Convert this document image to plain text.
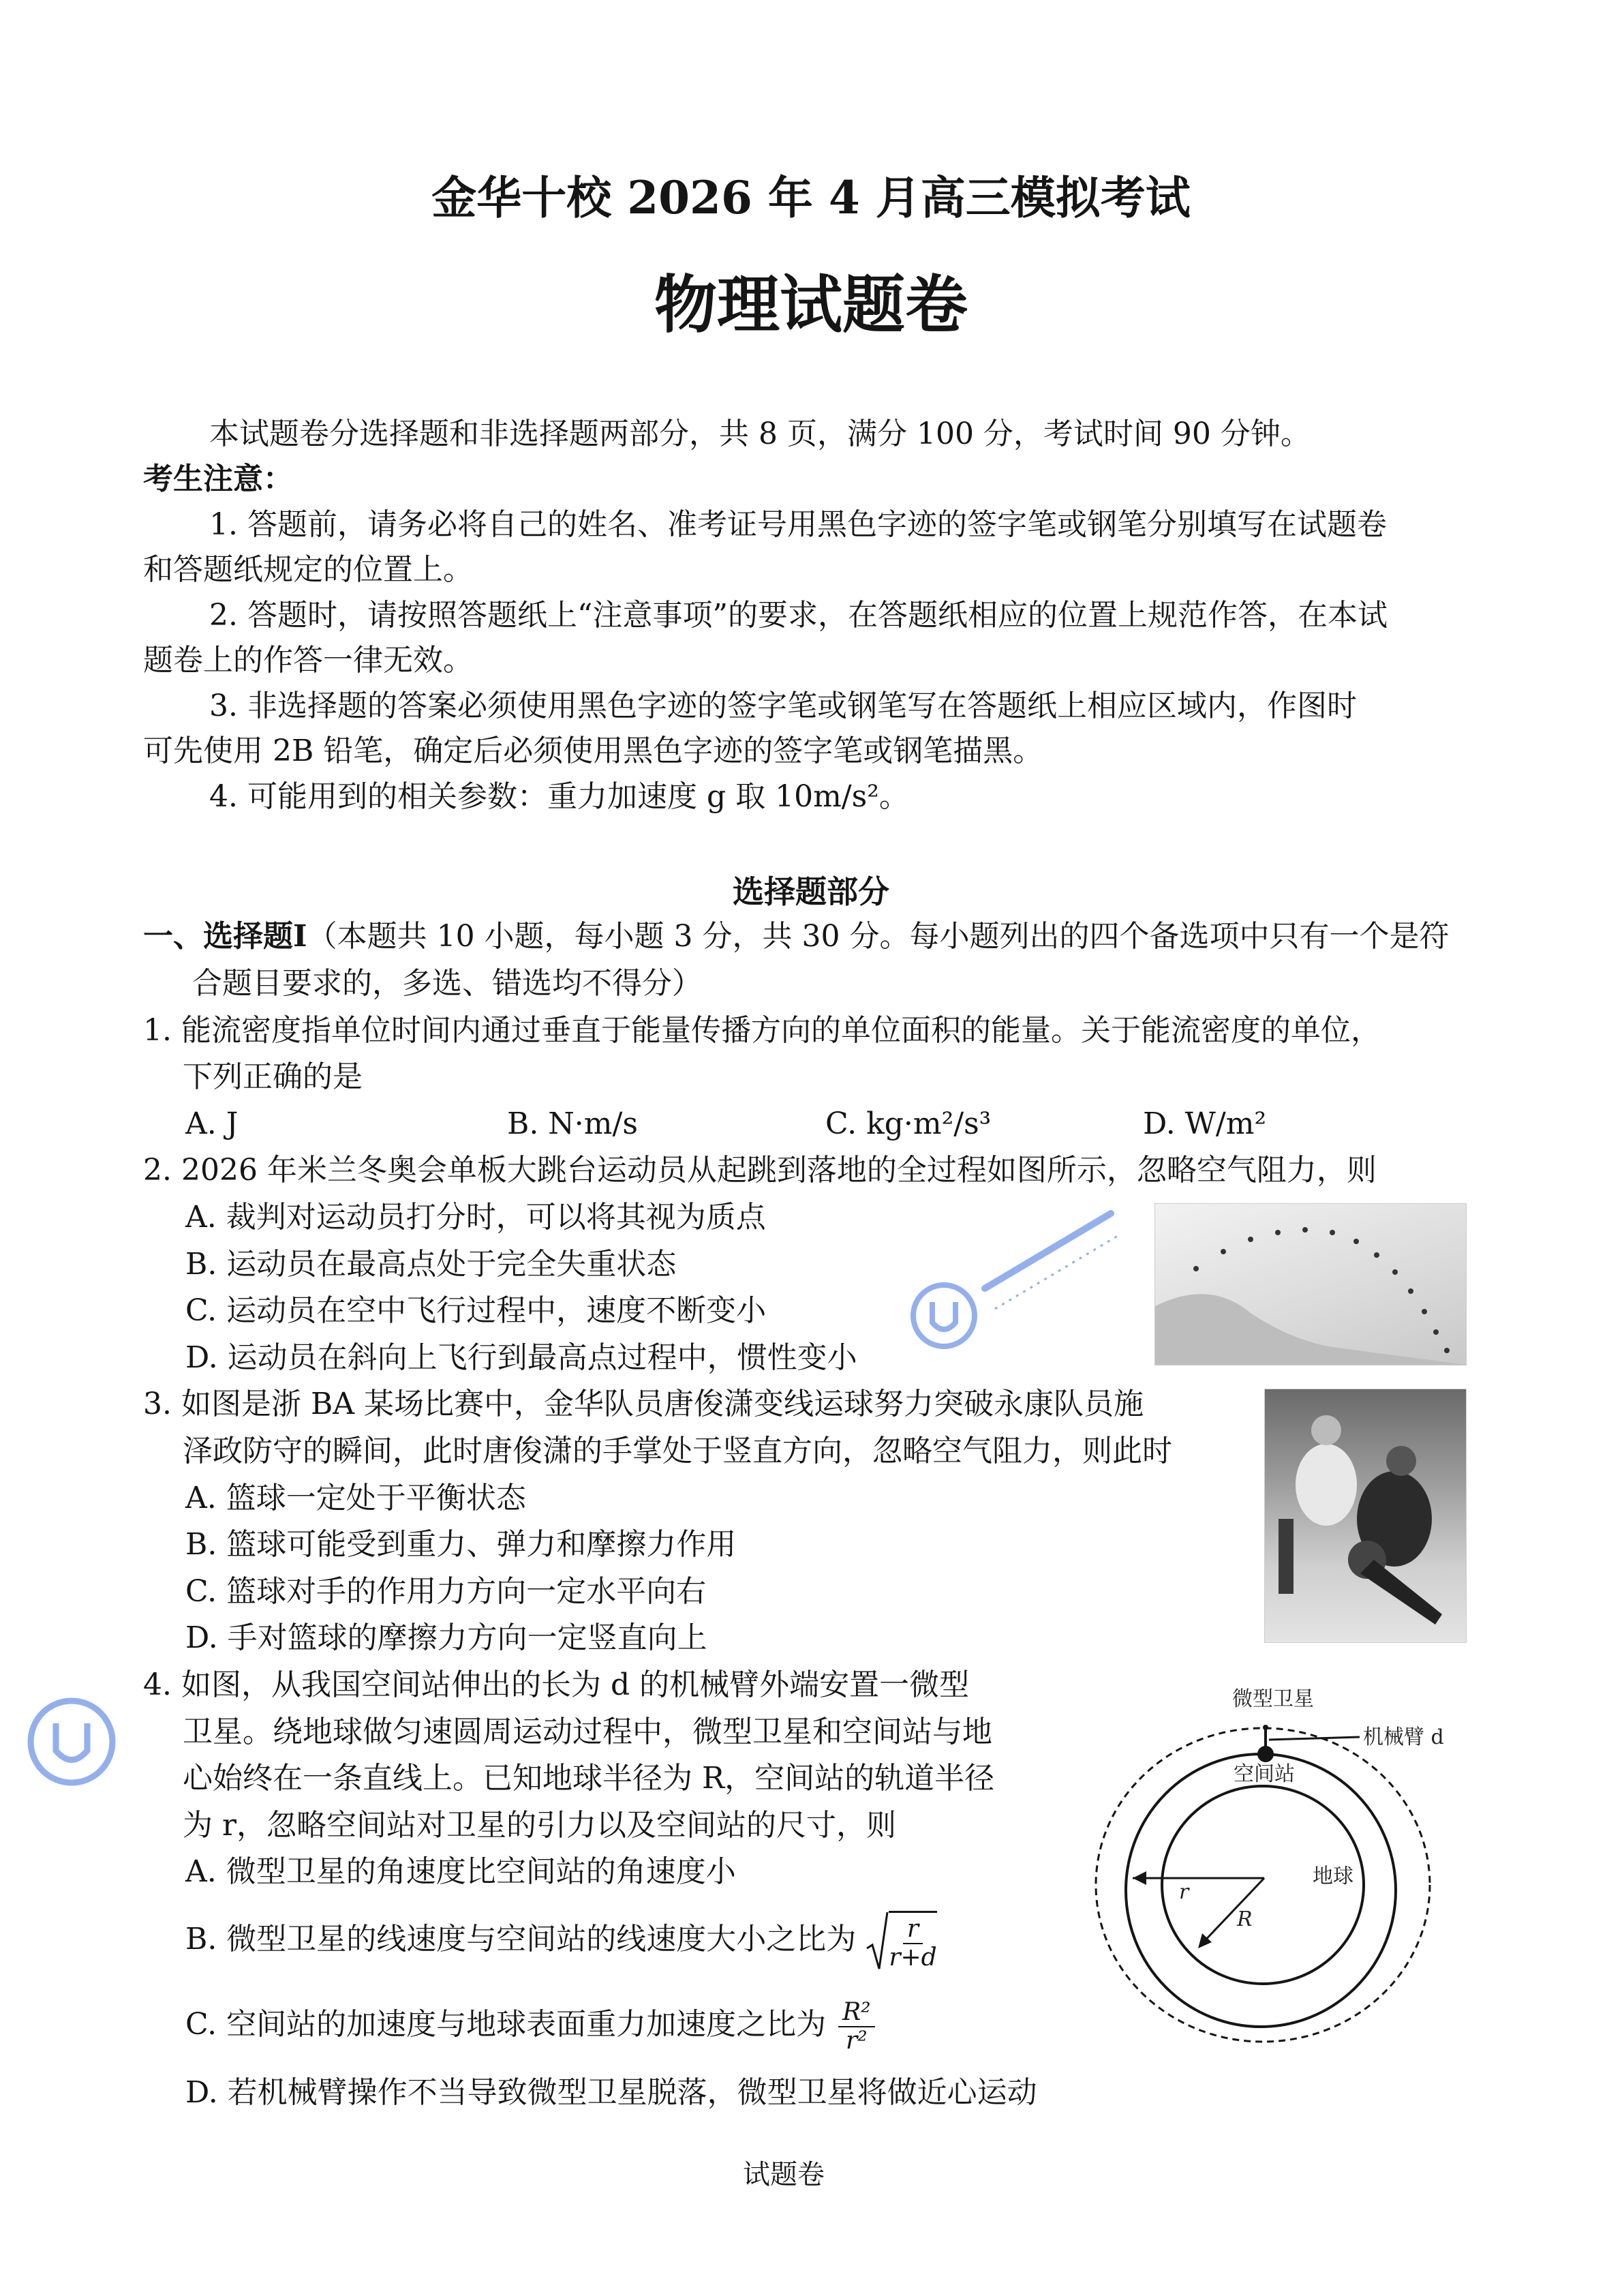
金华十校 2026 年 4 月高三模拟考试
物理试题卷
本试题卷分选择题和非选择题两部分，共 8 页，满分 100 分，考试时间 90 分钟。
考生注意：
1. 答题前，请务必将自己的姓名、准考证号用黑色字迹的签字笔或钢笔分别填写在试题卷
和答题纸规定的位置上。
2. 答题时，请按照答题纸上“注意事项”的要求，在答题纸相应的位置上规范作答，在本试
题卷上的作答一律无效。
3. 非选择题的答案必须使用黑色字迹的签字笔或钢笔写在答题纸上相应区域内，作图时
可先使用 2B 铅笔，确定后必须使用黑色字迹的签字笔或钢笔描黑。
4. 可能用到的相关参数：重力加速度 g 取 10m/s²。
选择题部分
一、选择题Ⅰ（本题共 10 小题，每小题 3 分，共 30 分。每小题列出的四个备选项中只有一个是符
合题目要求的，多选、错选均不得分）
1. 能流密度指单位时间内通过垂直于能量传播方向的单位面积的能量。关于能流密度的单位，
下列正确的是
A. J	B. N·m/s	C. kg·m²/s³	D. W/m²
2. 2026 年米兰冬奥会单板大跳台运动员从起跳到落地的全过程如图所示，忽略空气阻力，则
A. 裁判对运动员打分时，可以将其视为质点
B. 运动员在最高点处于完全失重状态
C. 运动员在空中飞行过程中，速度不断变小
D. 运动员在斜向上飞行到最高点过程中，惯性变小
3. 如图是浙 BA 某场比赛中，金华队员唐俊潇变线运球努力突破永康队员施
泽政防守的瞬间，此时唐俊潇的手掌处于竖直方向，忽略空气阻力，则此时
A. 篮球一定处于平衡状态
B. 篮球可能受到重力、弹力和摩擦力作用
C. 篮球对手的作用力方向一定水平向右
D. 手对篮球的摩擦力方向一定竖直向上
4. 如图，从我国空间站伸出的长为 d 的机械臂外端安置一微型
卫星。绕地球做匀速圆周运动过程中，微型卫星和空间站与地
心始终在一条直线上。已知地球半径为 R，空间站的轨道半径
为 r，忽略空间站对卫星的引力以及空间站的尺寸，则
A. 微型卫星的角速度比空间站的角速度小
B. 微型卫星的线速度与空间站的线速度大小之比为 $\frac{r}{r+d}$
C. 空间站的加速度与地球表面重力加速度之比为 $\frac{\text{R²}}{\text{r²}}$
D. 若机械臂操作不当导致微型卫星脱落，微型卫星将做近心运动
微型卫星
机械臂 d
空间站
地球
r
R
试题卷
